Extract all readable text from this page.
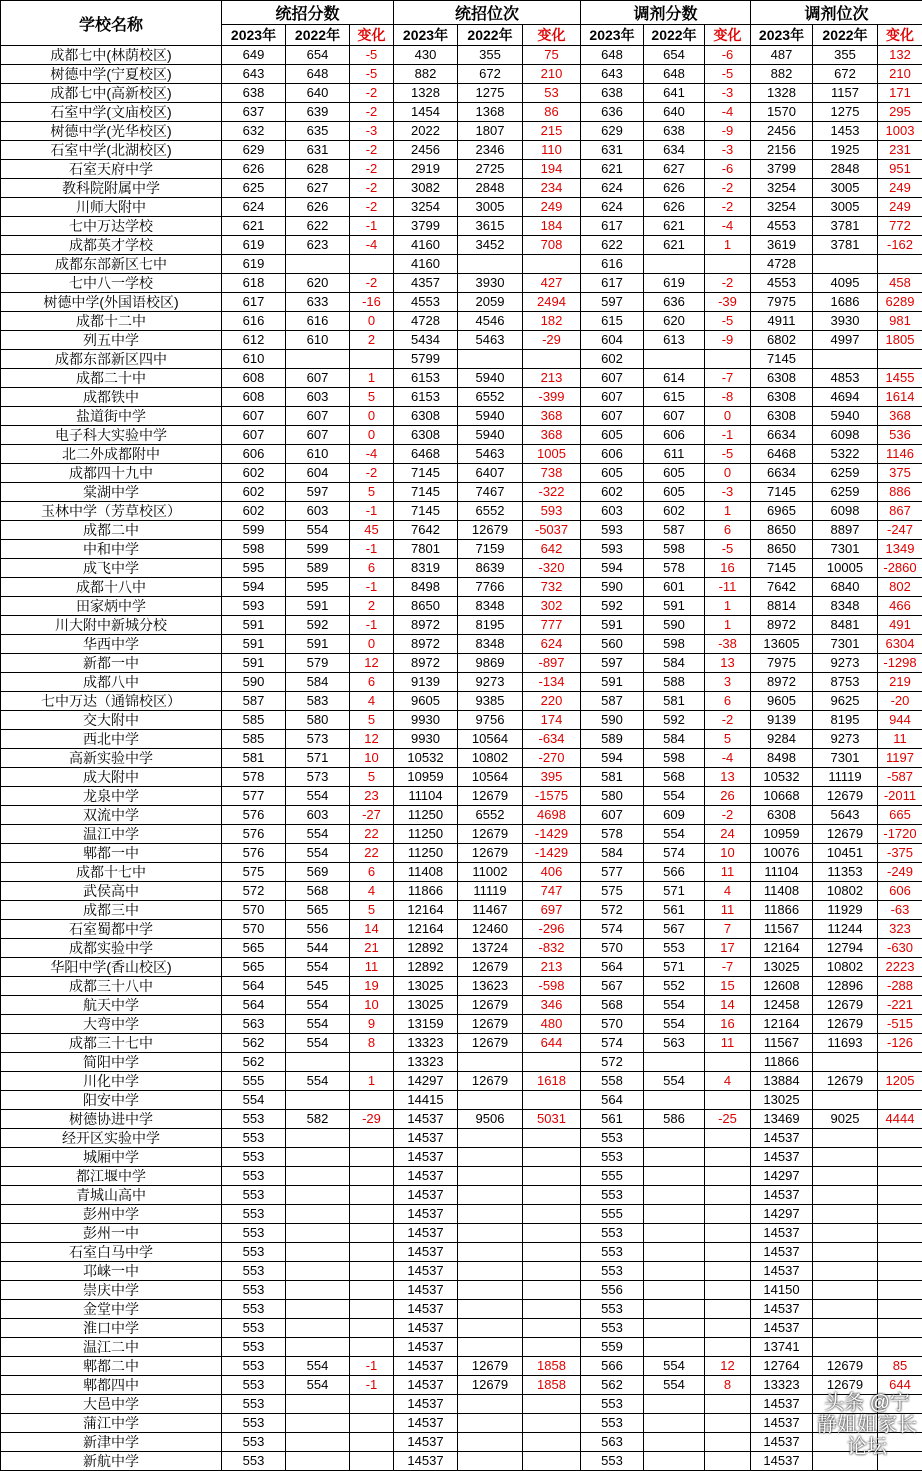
学校名称	统招分数			统招位次			调剂分数			调剂位次		
	2023年	2022年	变化	2023年	2022年	变化	2023年	2022年	变化	2023年	2022年	变化
成都七中(林荫校区)	649	654	-5	430	355	75	648	654	-6	487	355	132
树德中学(宁夏校区)	643	648	-5	882	672	210	643	648	-5	882	672	210
成都七中(高新校区)	638	640	-2	1328	1275	53	638	641	-3	1328	1157	171
石室中学(文庙校区)	637	639	-2	1454	1368	86	636	640	-4	1570	1275	295
树德中学(光华校区)	632	635	-3	2022	1807	215	629	638	-9	2456	1453	1003
石室中学(北湖校区)	629	631	-2	2456	2346	110	631	634	-3	2156	1925	231
石室天府中学	626	628	-2	2919	2725	194	621	627	-6	3799	2848	951
教科院附属中学	625	627	-2	3082	2848	234	624	626	-2	3254	3005	249
川师大附中	624	626	-2	3254	3005	249	624	626	-2	3254	3005	249
七中万达学校	621	622	-1	3799	3615	184	617	621	-4	4553	3781	772
成都英才学校	619	623	-4	4160	3452	708	622	621	1	3619	3781	-162
成都东部新区七中	619			4160			616			4728		
七中八一学校	618	620	-2	4357	3930	427	617	619	-2	4553	4095	458
树德中学(外国语校区)	617	633	-16	4553	2059	2494	597	636	-39	7975	1686	6289
成都十二中	616	616	0	4728	4546	182	615	620	-5	4911	3930	981
列五中学	612	610	2	5434	5463	-29	604	613	-9	6802	4997	1805
成都东部新区四中	610			5799			602			7145		
成都二十中	608	607	1	6153	5940	213	607	614	-7	6308	4853	1455
成都铁中	608	603	5	6153	6552	-399	607	615	-8	6308	4694	1614
盐道街中学	607	607	0	6308	5940	368	607	607	0	6308	5940	368
电子科大实验中学	607	607	0	6308	5940	368	605	606	-1	6634	6098	536
北二外成都附中	606	610	-4	6468	5463	1005	606	611	-5	6468	5322	1146
成都四十九中	602	604	-2	7145	6407	738	605	605	0	6634	6259	375
棠湖中学	602	597	5	7145	7467	-322	602	605	-3	7145	6259	886
玉林中学（芳草校区）	602	603	-1	7145	6552	593	603	602	1	6965	6098	867
成都二中	599	554	45	7642	12679	-5037	593	587	6	8650	8897	-247
中和中学	598	599	-1	7801	7159	642	593	598	-5	8650	7301	1349
成飞中学	595	589	6	8319	8639	-320	594	578	16	7145	10005	-2860
成都十八中	594	595	-1	8498	7766	732	590	601	-11	7642	6840	802
田家炳中学	593	591	2	8650	8348	302	592	591	1	8814	8348	466
川大附中新城分校	591	592	-1	8972	8195	777	591	590	1	8972	8481	491
华西中学	591	591	0	8972	8348	624	560	598	-38	13605	7301	6304
新都一中	591	579	12	8972	9869	-897	597	584	13	7975	9273	-1298
成都八中	590	584	6	9139	9273	-134	591	588	3	8972	8753	219
七中万达（通锦校区）	587	583	4	9605	9385	220	587	581	6	9605	9625	-20
交大附中	585	580	5	9930	9756	174	590	592	-2	9139	8195	944
西北中学	585	573	12	9930	10564	-634	589	584	5	9284	9273	11
高新实验中学	581	571	10	10532	10802	-270	594	598	-4	8498	7301	1197
成大附中	578	573	5	10959	10564	395	581	568	13	10532	11119	-587
龙泉中学	577	554	23	11104	12679	-1575	580	554	26	10668	12679	-2011
双流中学	576	603	-27	11250	6552	4698	607	609	-2	6308	5643	665
温江中学	576	554	22	11250	12679	-1429	578	554	24	10959	12679	-1720
郫都一中	576	554	22	11250	12679	-1429	584	574	10	10076	10451	-375
成都十七中	575	569	6	11408	11002	406	577	566	11	11104	11353	-249
武侯高中	572	568	4	11866	11119	747	575	571	4	11408	10802	606
成都三中	570	565	5	12164	11467	697	572	561	11	11866	11929	-63
石室蜀都中学	570	556	14	12164	12460	-296	574	567	7	11567	11244	323
成都实验中学	565	544	21	12892	13724	-832	570	553	17	12164	12794	-630
华阳中学(香山校区)	565	554	11	12892	12679	213	564	571	-7	13025	10802	2223
成都三十八中	564	545	19	13025	13623	-598	567	552	15	12608	12896	-288
航天中学	564	554	10	13025	12679	346	568	554	14	12458	12679	-221
大弯中学	563	554	9	13159	12679	480	570	554	16	12164	12679	-515
成都三十七中	562	554	8	13323	12679	644	574	563	11	11567	11693	-126
简阳中学	562			13323			572			11866		
川化中学	555	554	1	14297	12679	1618	558	554	4	13884	12679	1205
阳安中学	554			14415			564			13025		
树德协进中学	553	582	-29	14537	9506	5031	561	586	-25	13469	9025	4444
经开区实验中学	553			14537			553			14537		
城厢中学	553			14537			553			14537		
都江堰中学	553			14537			555			14297		
青城山高中	553			14537			553			14537		
彭州中学	553			14537			555			14297		
彭州一中	553			14537			553			14537		
石室白马中学	553			14537			553			14537		
邛崃一中	553			14537			553			14537		
崇庆中学	553			14537			556			14150		
金堂中学	553			14537			553			14537		
淮口中学	553			14537			553			14537		
温江二中	553			14537			559			13741		
郫都二中	553	554	-1	14537	12679	1858	566	554	12	12764	12679	85
郫都四中	553	554	-1	14537	12679	1858	562	554	8	13323	12679	644
大邑中学	553			14537			553			14537		
蒲江中学	553			14537			553			14537		
新津中学	553			14537			563			14537		
新航中学	553			14537			553			14537		
头条 @宁静姐姐家长论坛
